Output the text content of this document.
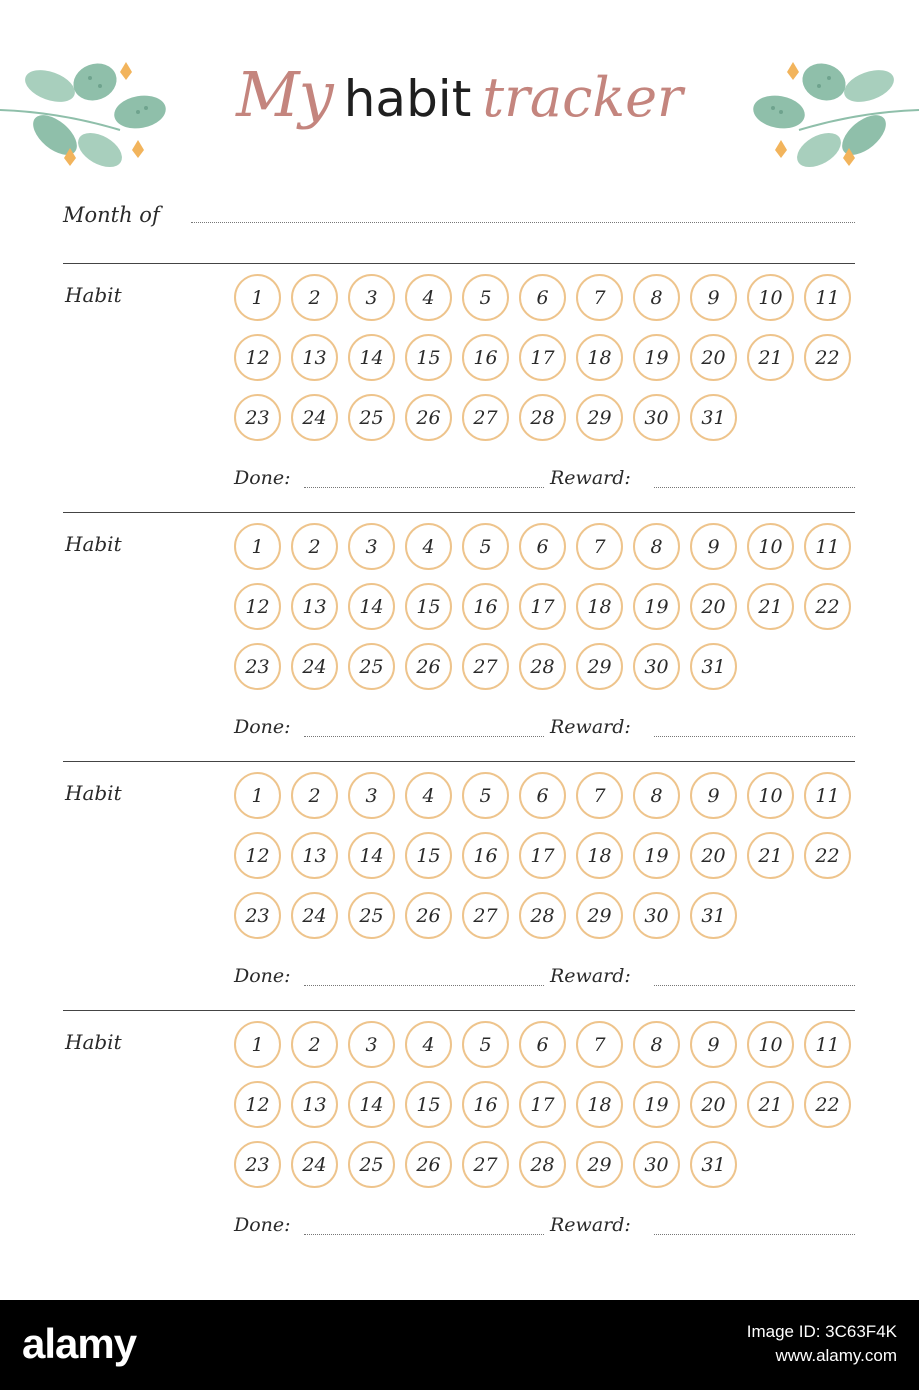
My habit tracker
Month of
Habit	1	2	3	4	5	6	7	8	9	10	11
12	13	14	15	16	17	18	19	20	21	22
23	24	25	26	27	28	29	30	31
Done:	Reward:
Habit	1	2	3	4	5	6	7	8	9	10	11
12	13	14	15	16	17	18	19	20	21	22
23	24	25	26	27	28	29	30	31
Done:	Reward:
Habit	1	2	3	4	5	6	7	8	9	10	11
12	13	14	15	16	17	18	19	20	21	22
23	24	25	26	27	28	29	30	31
Done:	Reward:
Habit	1	2	3	4	5	6	7	8	9	10	11
12	13	14	15	16	17	18	19	20	21	22
23	24	25	26	27	28	29	30	31
Done:	Reward:
alamy	Image ID: 3C63F4K
www.alamy.com
